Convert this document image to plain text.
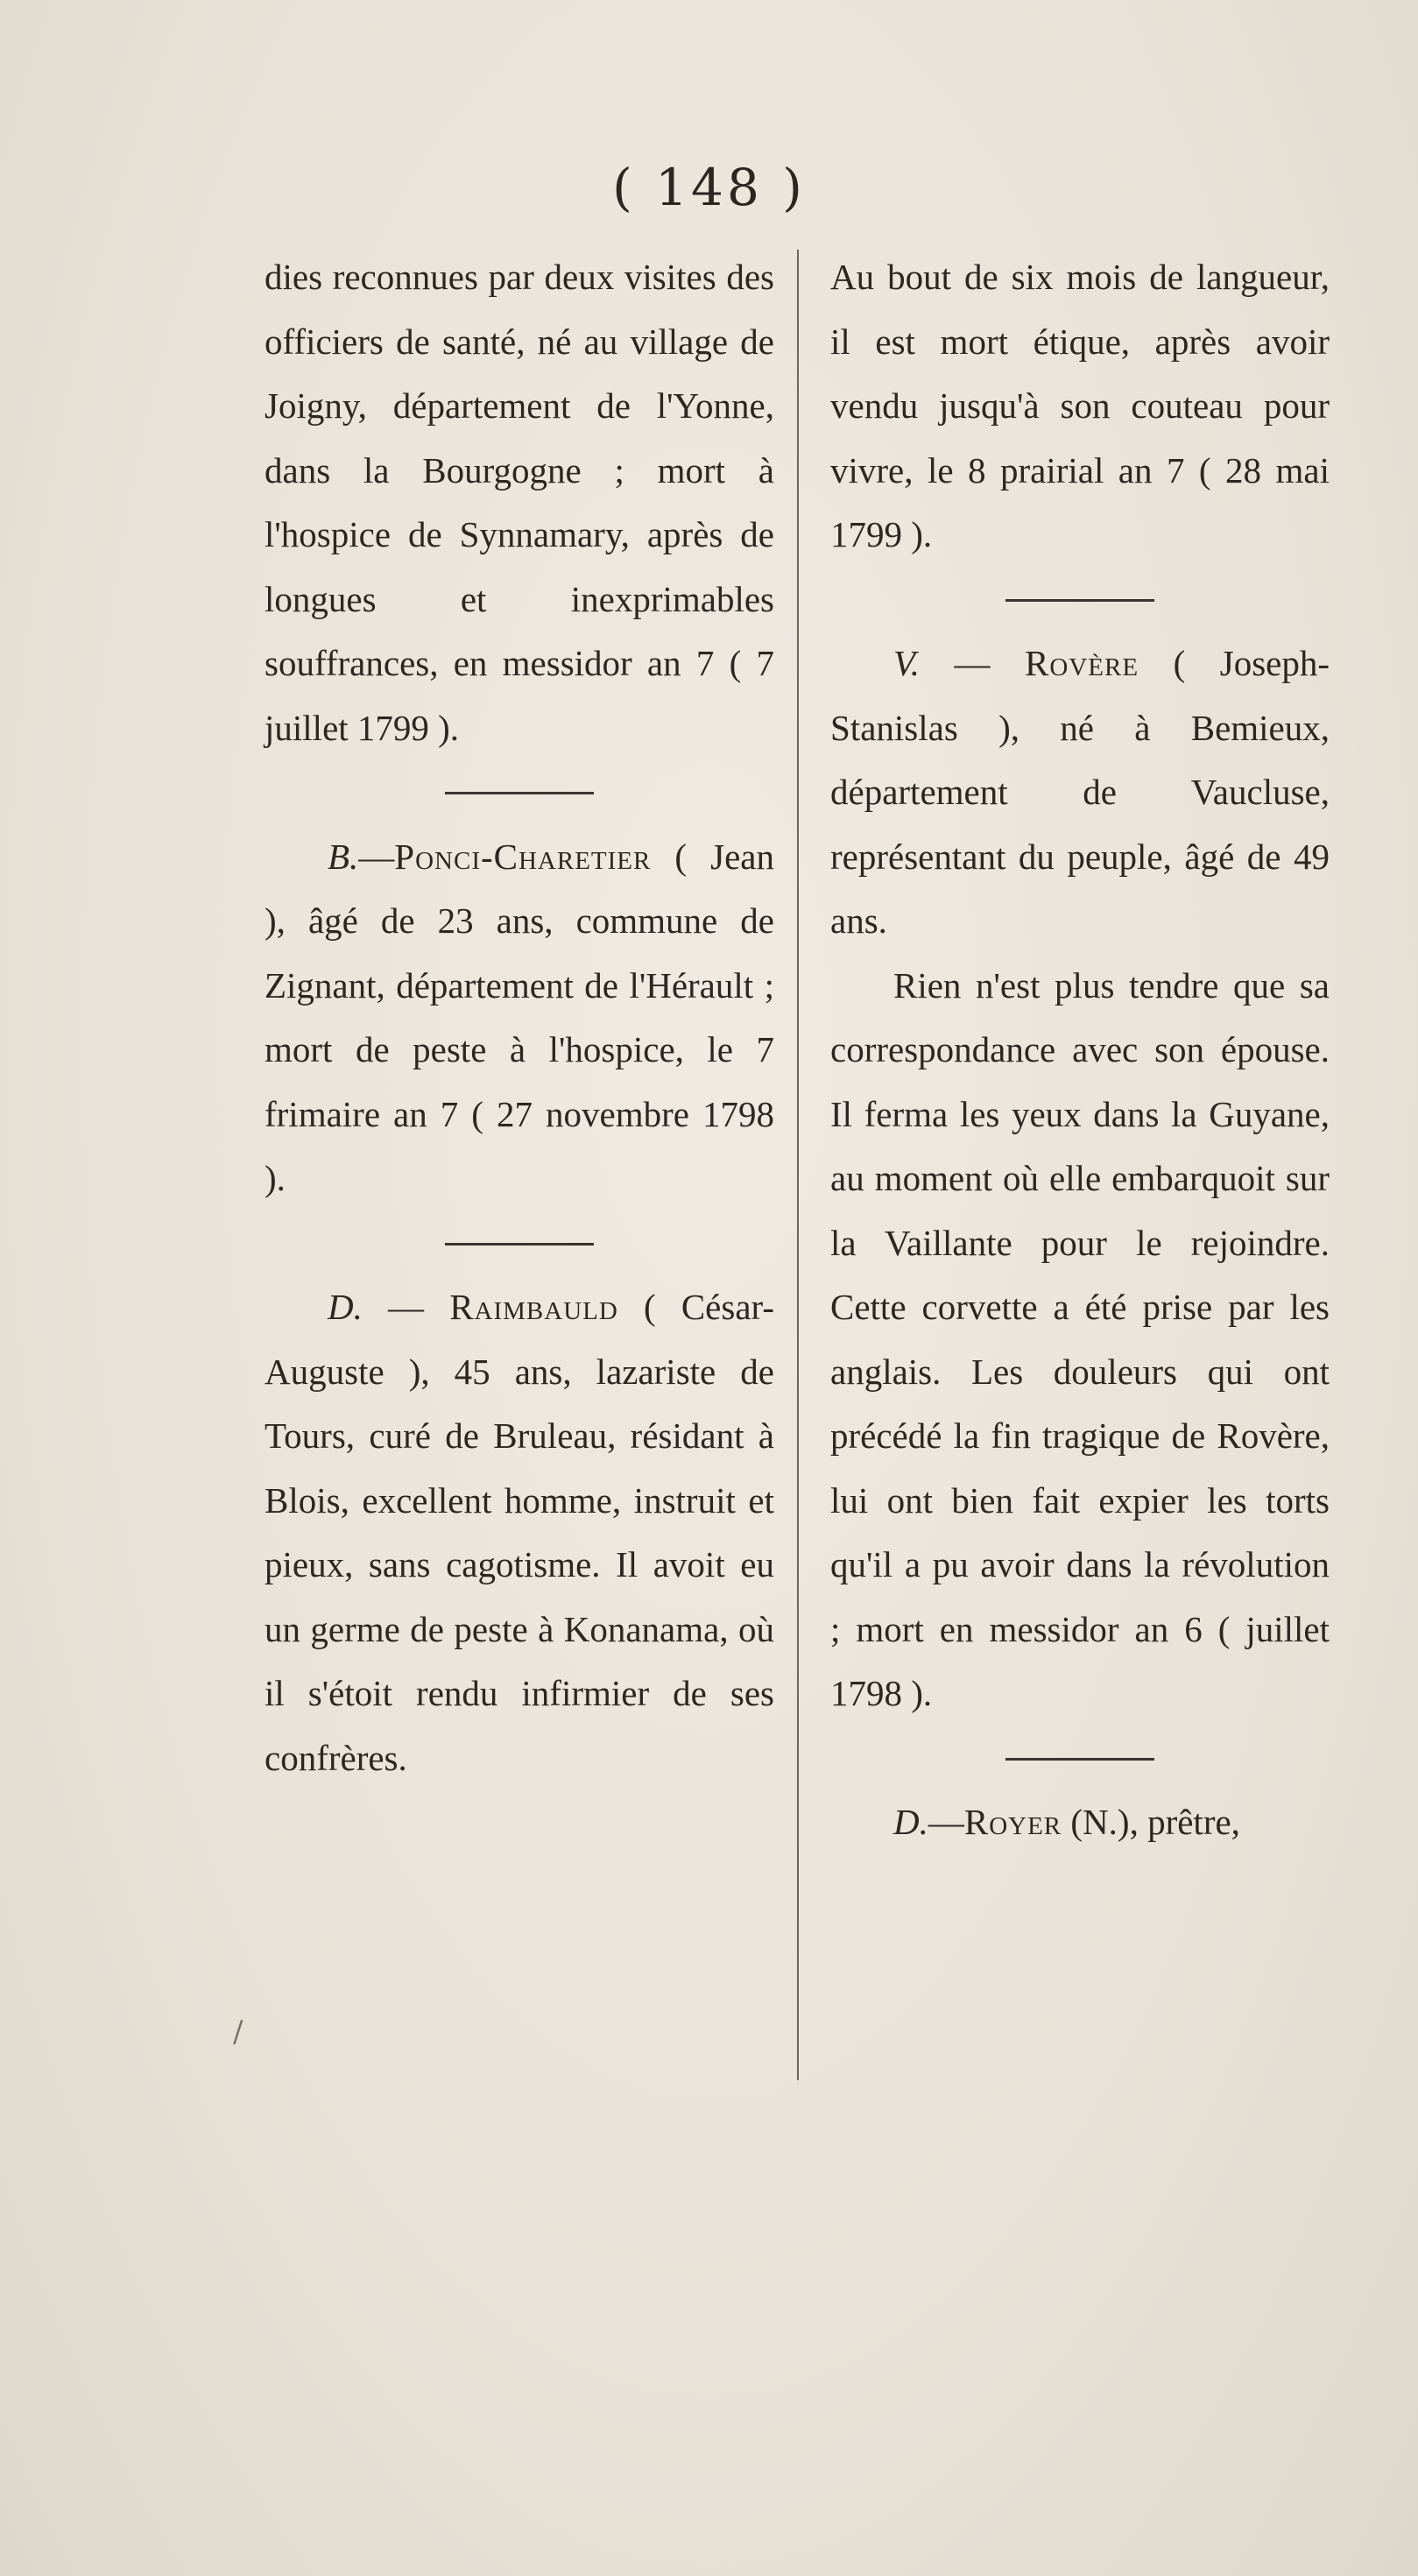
( 148 )

dies reconnues par deux visites des officiers de santé, né au village de Joigny, département de l'Yonne, dans la Bourgogne ; mort à l'hospice de Synnamary, après de longues et inexprimables souffrances, en messidor an 7 ( 7 juillet 1799 ).

B.—Ponci-Charetier ( Jean ), âgé de 23 ans, commune de Zignant, département de l'Hérault ; mort de peste à l'hospice, le 7 frimaire an 7 ( 27 novembre 1798 ).

D. — Raimbauld ( César-Auguste ), 45 ans, lazariste de Tours, curé de Bruleau, résidant à Blois, excellent homme, instruit et pieux, sans cagotisme. Il avoit eu un germe de peste à Konanama, où il s'étoit rendu infirmier de ses confrères.

Au bout de six mois de langueur, il est mort étique, après avoir vendu jusqu'à son couteau pour vivre, le 8 prairial an 7 ( 28 mai 1799 ).

V. — Rovère ( Joseph-Stanislas ), né à Bemieux, département de Vaucluse, représentant du peuple, âgé de 49 ans.

Rien n'est plus tendre que sa correspondance avec son épouse. Il ferma les yeux dans la Guyane, au moment où elle embarquoit sur la Vaillante pour le rejoindre. Cette corvette a été prise par les anglais. Les douleurs qui ont précédé la fin tragique de Rovère, lui ont bien fait expier les torts qu'il a pu avoir dans la révolution ; mort en messidor an 6 ( juillet 1798 ).

D.—Royer (N.), prêtre,

/
